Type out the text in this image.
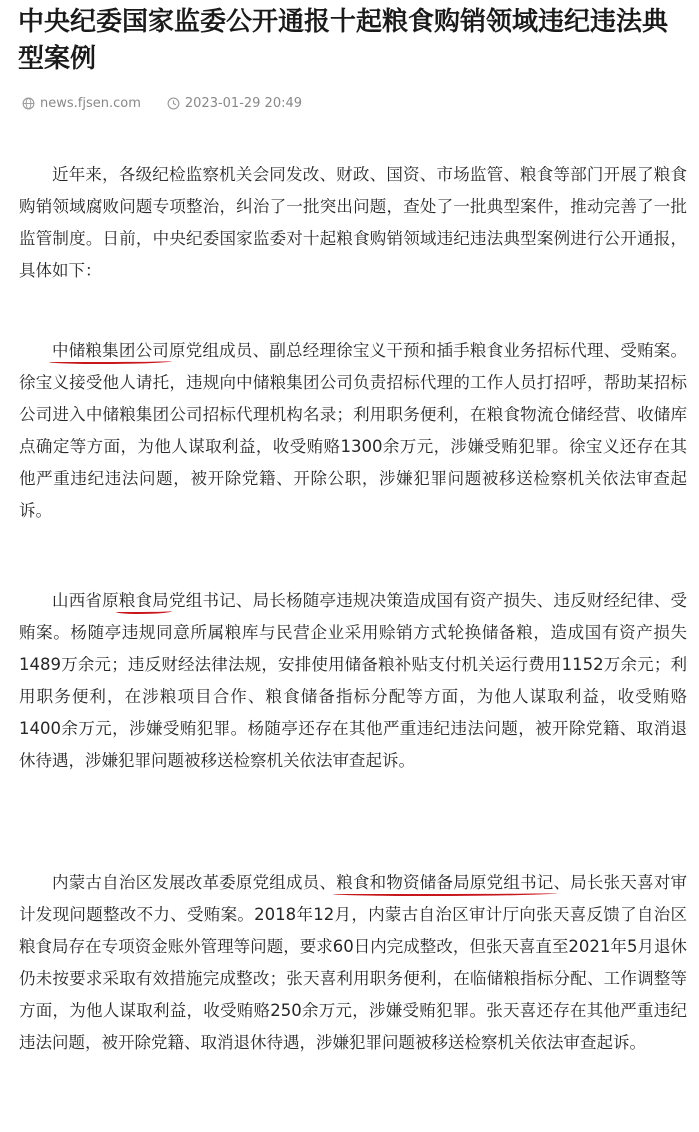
中央纪委国家监委公开通报十起粮食购销领域违纪违法典型案例
news.fjsen.com	2023-01-29 20:49

近年来，各级纪检监察机关会同发改、财政、国资、市场监管、粮食等部门开展了粮食购销领域腐败问题专项整治，纠治了一批突出问题，查处了一批典型案件，推动完善了一批监管制度。日前，中央纪委国家监委对十起粮食购销领域违纪违法典型案例进行公开通报，具体如下：

中储粮集团公司原党组成员、副总经理徐宝义干预和插手粮食业务招标代理、受贿案。徐宝义接受他人请托，违规向中储粮集团公司负责招标代理的工作人员打招呼，帮助某招标公司进入中储粮集团公司招标代理机构名录；利用职务便利，在粮食物流仓储经营、收储库点确定等方面，为他人谋取利益，收受贿赂1300余万元，涉嫌受贿犯罪。徐宝义还存在其他严重违纪违法问题，被开除党籍、开除公职，涉嫌犯罪问题被移送检察机关依法审查起诉。

山西省原粮食局党组书记、局长杨随亭违规决策造成国有资产损失、违反财经纪律、受贿案。杨随亭违规同意所属粮库与民营企业采用赊销方式轮换储备粮，造成国有资产损失1489万余元；违反财经法律法规，安排使用储备粮补贴支付机关运行费用1152万余元；利用职务便利，在涉粮项目合作、粮食储备指标分配等方面，为他人谋取利益，收受贿赂1400余万元，涉嫌受贿犯罪。杨随亭还存在其他严重违纪违法问题，被开除党籍、取消退休待遇，涉嫌犯罪问题被移送检察机关依法审查起诉。

内蒙古自治区发展改革委原党组成员、粮食和物资储备局原党组书记、局长张天喜对审计发现问题整改不力、受贿案。2018年12月，内蒙古自治区审计厅向张天喜反馈了自治区粮食局存在专项资金账外管理等问题，要求60日内完成整改，但张天喜直至2021年5月退休仍未按要求采取有效措施完成整改；张天喜利用职务便利，在临储粮指标分配、工作调整等方面，为他人谋取利益，收受贿赂250余万元，涉嫌受贿犯罪。张天喜还存在其他严重违纪违法问题，被开除党籍、取消退休待遇，涉嫌犯罪问题被移送检察机关依法审查起诉。
